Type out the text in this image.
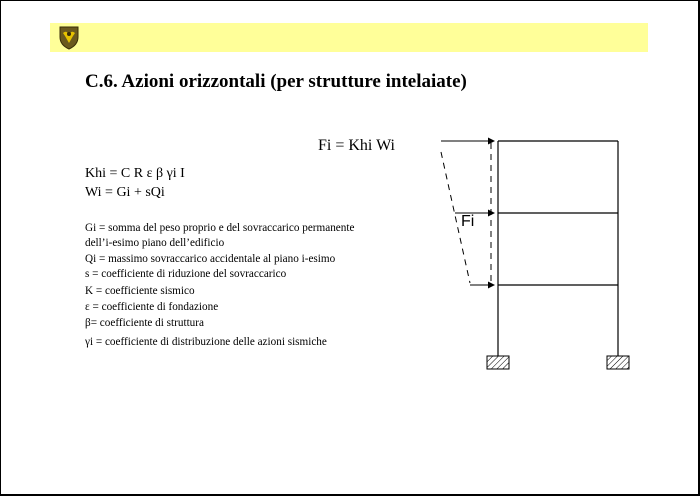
C.6. Azioni orizzontali (per strutture intelaiate)
Fi = Khi Wi
Khi = C R ε β γi I
Wi = Gi + sQi
Gi = somma del peso proprio e del sovraccarico permanente
dell’i-esimo piano dell’edificio
Qi = massimo sovraccarico accidentale al piano i-esimo
s = coefficiente di riduzione del sovraccarico
K = coefficiente sismico
ε = coefficiente di fondazione
β= coefficiente di struttura
γi = coefficiente di distribuzione delle azioni sismiche
Fi
